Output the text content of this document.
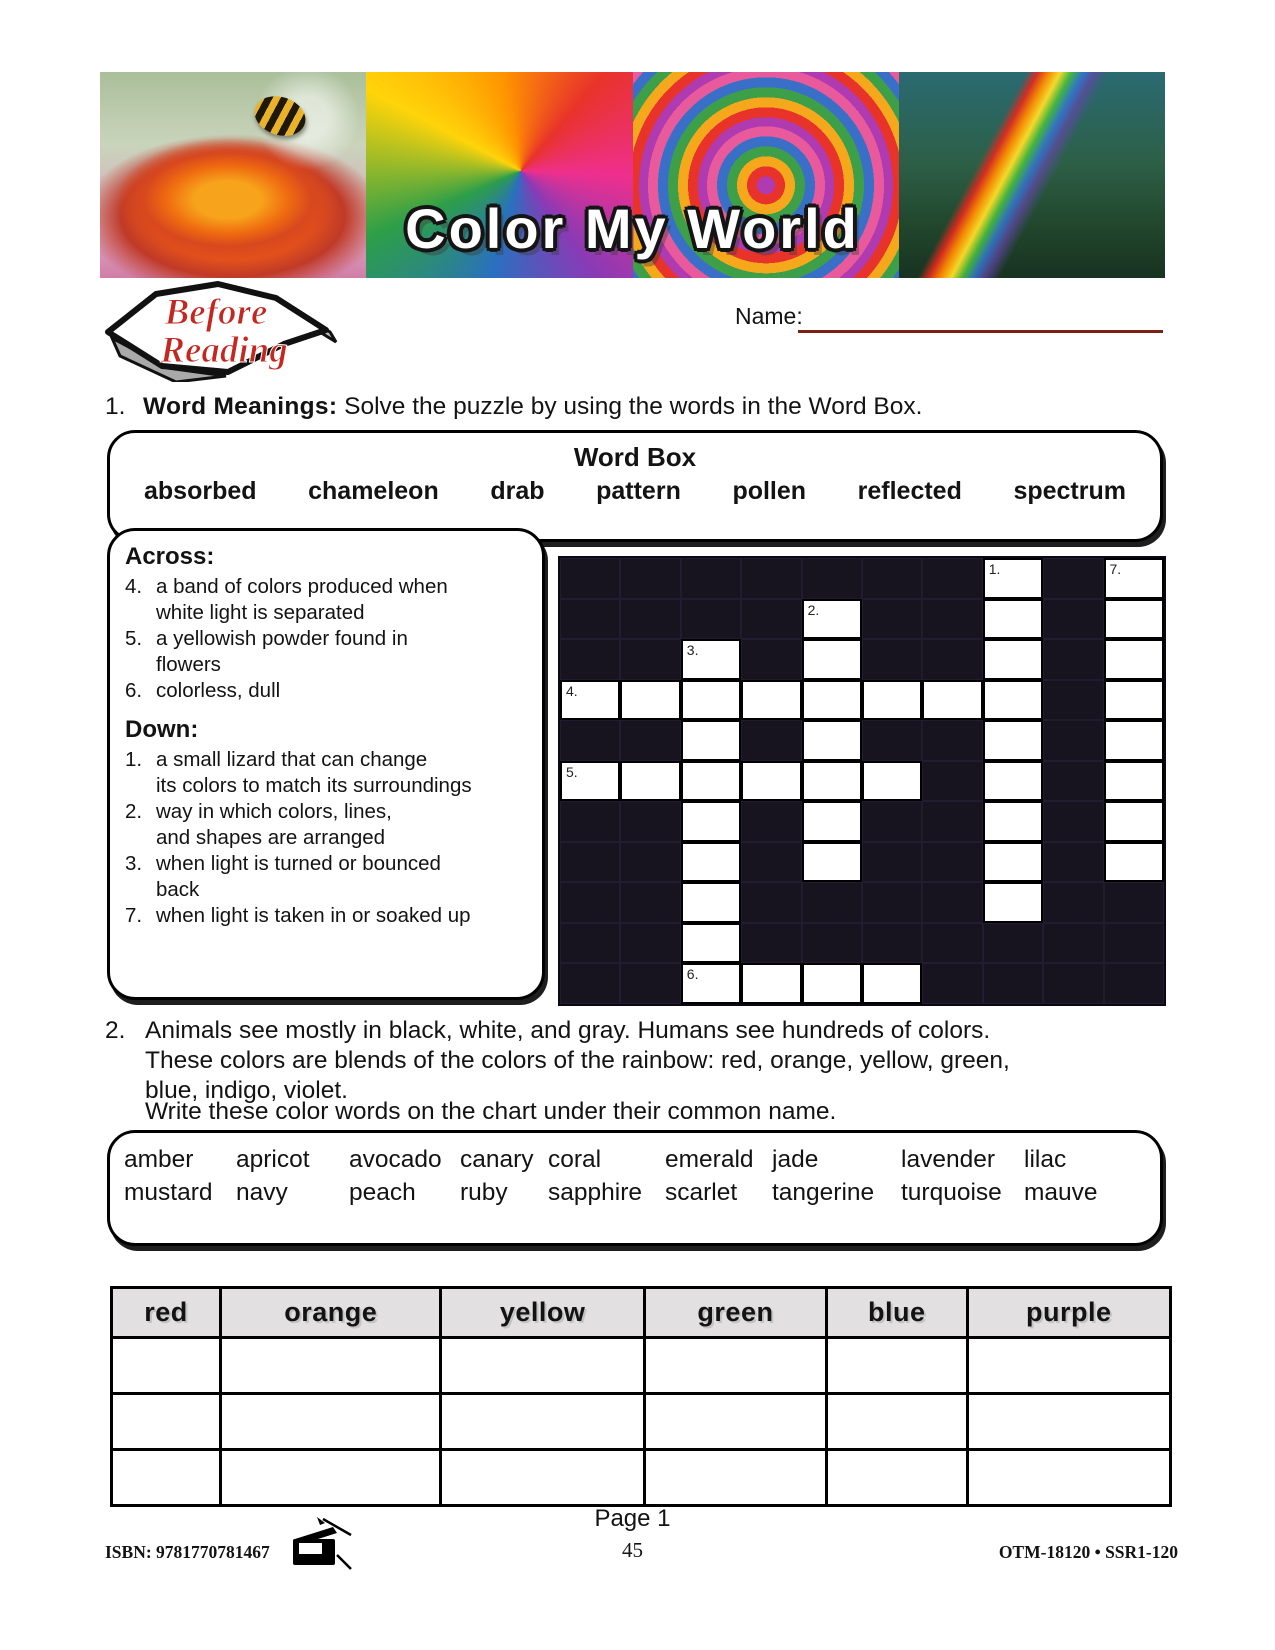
Color My World
Before
Reading
Name:
1. Word Meanings: Solve the puzzle by using the words in the Word Box.
Word Box
absorbed chameleon drab pattern pollen reflected spectrum
Across:
4. a band of colors produced when
white light is separated
5. a yellowish powder found in
flowers
6. colorless, dull
Down:
1. a small lizard that can change
its colors to match its surroundings
2. way in which colors, lines,
and shapes are arranged
3. when light is turned or bounced
back
7. when light is taken in or soaked up
1.	7.
2.
3.
4.
5.
6.
2. Animals see mostly in black, white, and gray. Humans see hundreds of colors.
These colors are blends of the colors of the rainbow: red, orange, yellow, green,
blue, indigo, violet.
Write these color words on the chart under their common name.
amber	apricot	avocado canary coral	emerald jade	lavender	lilac
mustard navy	peach	ruby	sapphire scarlet	tangerine	turquoise mauve
red	orange	yellow	green	blue	purple

Page 1
ISBN: 9781770781467	45	OTM-18120 • SSR1-120
